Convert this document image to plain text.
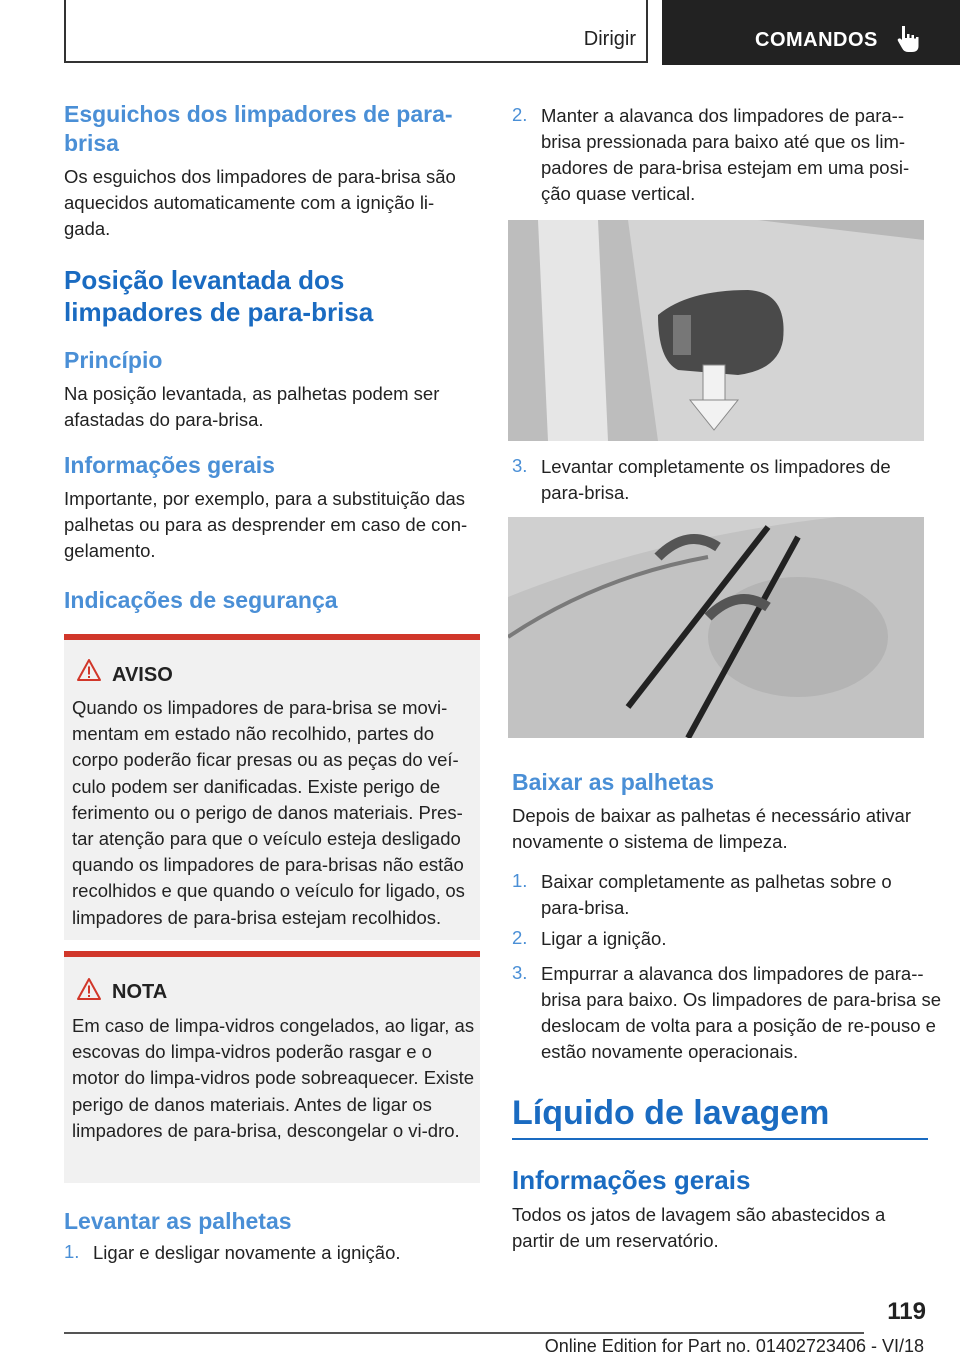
Dirigir	COMANDOS
Esguichos dos limpadores de para-
brisa

Os esguichos dos limpadores de para-brisa são aquecidos automaticamente com a ignição li-gada.

Posição levantada dos limpadores de para-brisa
Princípio

Na posição levantada, as palhetas podem ser afastadas do para-brisa.

Informações gerais

Importante, por exemplo, para a substituição das palhetas ou para as desprender em caso de con-gelamento.

Indicações de segurança
AVISO
Quando os limpadores de para-brisa se movi-mentam em estado não recolhido, partes do corpo poderão ficar presas ou as peças do veí-culo podem ser danificadas. Existe perigo de ferimento ou o perigo de danos materiais. Pres-tar atenção para que o veículo esteja desligado quando os limpadores de para-brisas não estão recolhidos e que quando o veículo for ligado, os limpadores de para-brisa estejam recolhidos.
NOTA
Em caso de limpa-vidros congelados, ao ligar, as escovas do limpa-vidros poderão rasgar e o motor do limpa-vidros pode sobreaquecer. Existe perigo de danos materiais. Antes de ligar os limpadores de para-brisa, descongelar o vi-dro.
Levantar as palhetas
1. Ligar e desligar novamente a ignição.
2. Manter a alavanca dos limpadores de para--brisa pressionada para baixo até que os lim-padores de para-brisa estejam em uma posi-ção quase vertical.
3. Levantar completamente os limpadores de para-brisa.
Baixar as palhetas

Depois de baixar as palhetas é necessário ativar novamente o sistema de limpeza.

1. Baixar completamente as palhetas sobre o para-brisa.
2. Ligar a ignição.
3. Empurrar a alavanca dos limpadores de para--brisa para baixo. Os limpadores de para-brisa se deslocam de volta para a posição de re-pouso e estão novamente operacionais.
Líquido de lavagem
Informações gerais

Todos os jatos de lavagem são abastecidos a partir de um reservatório.

119
Online Edition for Part no. 01402723406 - VI/18
